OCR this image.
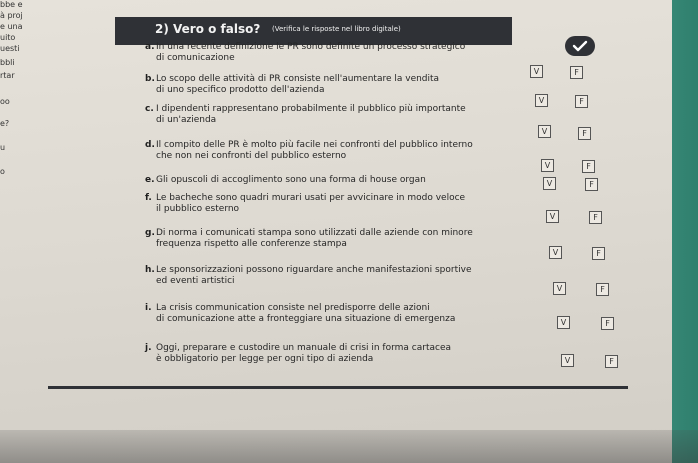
bbe e
à proj
e una
uito
uesti
bbli
rtar
oo
e?
u
o
2) Vero o falso? (Verifica le risposte nel libro digitale)
a. In una recente definizione le PR sono definite un processo strategico
di comunicazione
V	F
b. Lo scopo delle attività di PR consiste nell'aumentare la vendita
di uno specifico prodotto dell'azienda
V	F
c. I dipendenti rappresentano probabilmente il pubblico più importante
di un'azienda
V	F
d. Il compito delle PR è molto più facile nei confronti del pubblico interno
che non nei confronti del pubblico esterno
V	F
e. Gli opuscoli di accoglimento sono una forma di house organ	V	F
f. Le bacheche sono quadri murari usati per avvicinare in modo veloce
il pubblico esterno
V	F
g. Di norma i comunicati stampa sono utilizzati dalle aziende con minore
frequenza rispetto alle conferenze stampa
V	F
h. Le sponsorizzazioni possono riguardare anche manifestazioni sportive
ed eventi artistici
V	F
i. La crisis communication consiste nel predisporre delle azioni
di comunicazione atte a fronteggiare una situazione di emergenza	V	F
j. Oggi, preparare e custodire un manuale di crisi in forma cartacea
è obbligatorio per legge per ogni tipo di azienda	V	F
